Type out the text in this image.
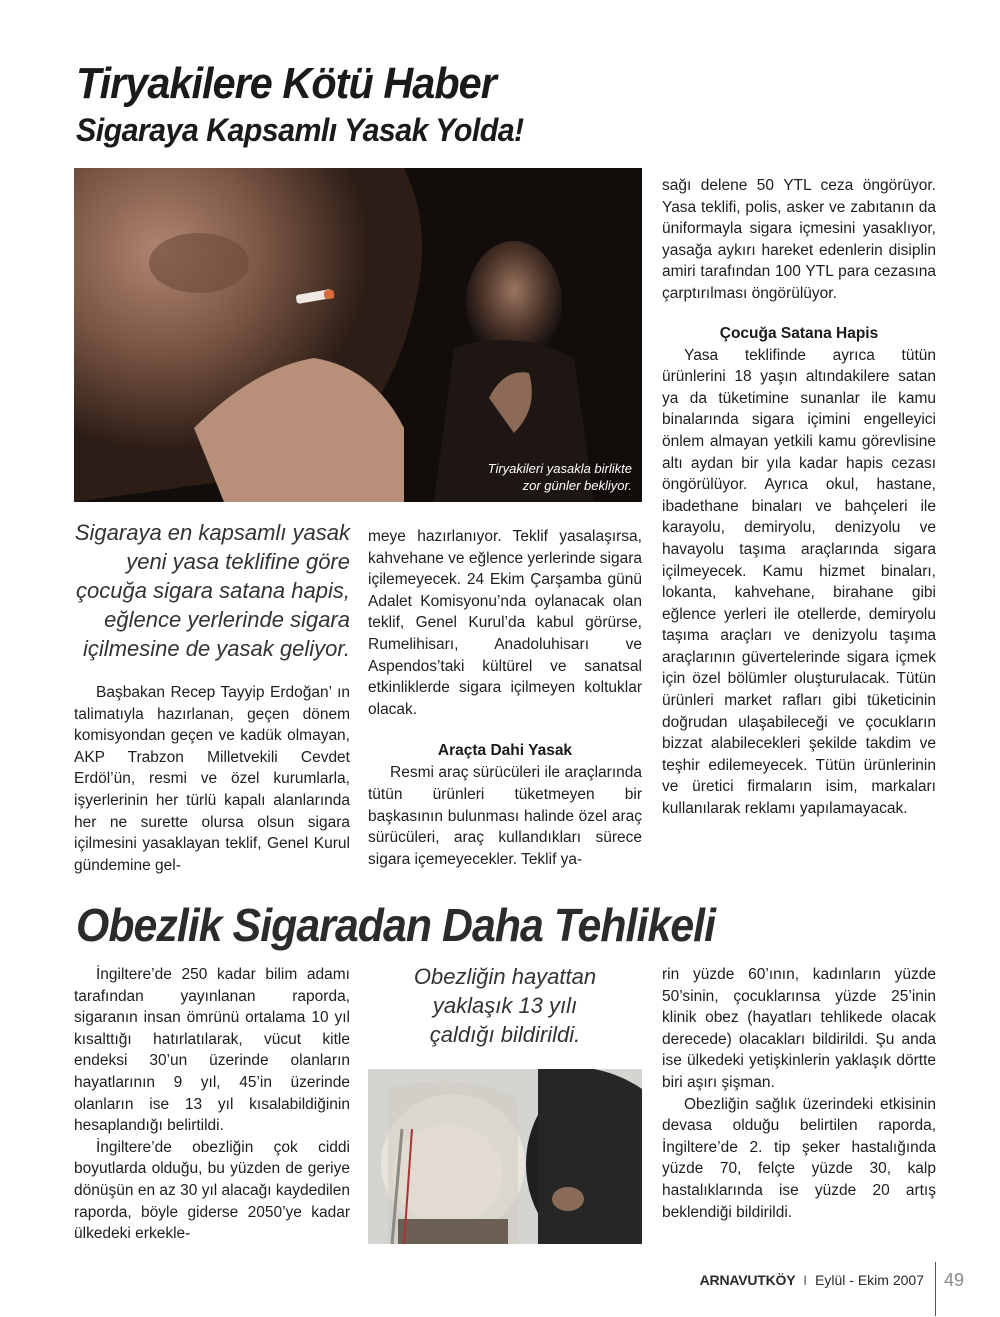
Tiryakilere Kötü Haber
Sigaraya Kapsamlı Yasak Yolda!
Tiryakileri yasakla birlikte
zor günler bekliyor.
Sigaraya en kapsamlı yasak
yeni yasa teklifine göre
çocuğa sigara satana hapis,
eğlence yerlerinde sigara
içilmesine de yasak geliyor.

Başbakan Recep Tayyip Erdoğan’ ın talimatıyla hazırlanan, geçen dönem komisyondan geçen ve kadük olmayan, AKP Trabzon Milletvekili Cevdet Erdöl’ün, resmi ve özel kurumlarla, işyerlerinin her türlü kapalı alanlarında her ne surette olursa olsun sigara içilmesini yasaklayan teklif, Genel Kurul gündemine gel-

meye hazırlanıyor. Teklif yasalaşırsa, kahvehane ve eğlence yerlerinde sigara içilemeyecek. 24 Ekim Çarşamba günü Adalet Komisyonu’nda oylanacak olan teklif, Genel Kurul’da kabul görürse, Rumelihisarı, Anadoluhisarı ve Aspendos’taki kültürel ve sanatsal etkinliklerde sigara içilmeyen koltuklar olacak.

Araçta Dahi Yasak

Resmi araç sürücüleri ile araçlarında tütün ürünleri tüketmeyen bir başkasının bulunması halinde özel araç sürücüleri, araç kullandıkları sürece sigara içemeyecekler. Teklif ya-

sağı delene 50 YTL ceza öngörüyor. Yasa teklifi, polis, asker ve zabıtanın da üniformayla sigara içmesini yasaklıyor, yasağa aykırı hareket edenlerin disiplin amiri tarafından 100 YTL para cezasına çarptırılması öngörülüyor.

Çocuğa Satana Hapis

Yasa teklifinde ayrıca tütün ürünlerini 18 yaşın altındakilere satan ya da tüketimine sunanlar ile kamu binalarında sigara içimini engelleyici önlem almayan yetkili kamu görevlisine altı aydan bir yıla kadar hapis cezası öngörülüyor. Ayrıca okul, hastane, ibadethane binaları ve bahçeleri ile karayolu, demiryolu, denizyolu ve havayolu taşıma araçlarında sigara içilmeyecek. Kamu hizmet binaları, lokanta, kahvehane, birahane gibi eğlence yerleri ile otellerde, demiryolu taşıma araçları ve denizyolu taşıma araçlarının güvertelerinde sigara içmek için özel bölümler oluşturulacak. Tütün ürünleri market rafları gibi tüketicinin doğrudan ulaşabileceği ve çocukların bizzat alabilecekleri şekilde takdim ve teşhir edilemeyecek. Tütün ürünlerinin ve üretici firmaların isim, markaları kullanılarak reklamı yapılamayacak.

Obezlik Sigaradan Daha Tehlikeli

İngiltere’de 250 kadar bilim adamı tarafından yayınlanan raporda, sigaranın insan ömrünü ortalama 10 yıl kısalttığı hatırlatılarak, vücut kitle endeksi 30’un üzerinde olanların hayatlarının 9 yıl, 45’in üzerinde olanların ise 13 yıl kısalabildiğinin hesaplandığı belirtildi.

İngiltere’de obezliğin çok ciddi boyutlarda olduğu, bu yüzden de geriye dönüşün en az 30 yıl alacağı kaydedilen raporda, böyle giderse 2050’ye kadar ülkedeki erkekle-

Obezliğin hayattan
yaklaşık 13 yılı
çaldığı bildirildi.

rin yüzde 60’ının, kadınların yüzde 50’sinin, çocuklarınsa yüzde 25’inin klinik obez (hayatları tehlikede olacak derecede) olacakları bildirildi. Şu anda ise ülkedeki yetişkinlerin yaklaşık dörtte biri aşırı şişman.

Obezliğin sağlık üzerindeki etkisinin devasa olduğu belirtilen raporda, İngiltere’de 2. tip şeker hastalığında yüzde 70, felçte yüzde 30, kalp hastalıklarında ise yüzde 20 artış beklendiği bildirildi.

ARNAVUTKÖY I Eylül - Ekim 2007 49
